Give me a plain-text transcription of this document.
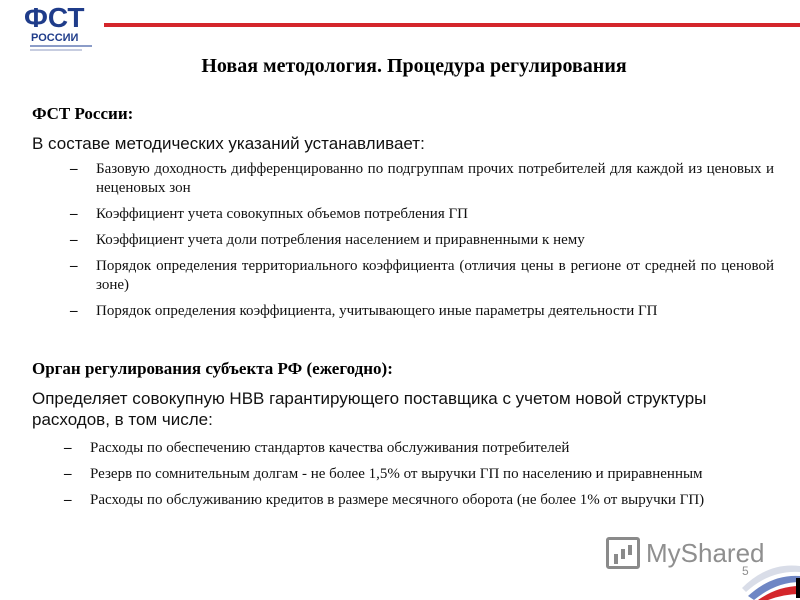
ФСТ
РОССИИ
Новая методология. Процедура регулирования
ФСТ России:
В составе методических указаний устанавливает:
– Базовую доходность дифференцированно по подгруппам прочих потребителей для каждой из ценовых и неценовых зон
– Коэффициент учета совокупных объемов потребления ГП
– Коэффициент учета доли потребления населением и приравненными к нему
– Порядок определения территориального коэффициента (отличия цены в регионе от средней по ценовой зоне)
– Порядок определения коэффициента, учитывающего иные параметры деятельности ГП
Орган регулирования субъекта РФ (ежегодно):
Определяет совокупную НВВ гарантирующего поставщика с учетом новой структуры расходов, в том числе:
– Расходы по обеспечению стандартов качества обслуживания потребителей
– Резерв по сомнительным долгам - не более 1,5% от выручки ГП по населению и приравненным
– Расходы по обслуживанию кредитов в размере месячного оборота (не более 1% от выручки ГП)
MyShared
5
